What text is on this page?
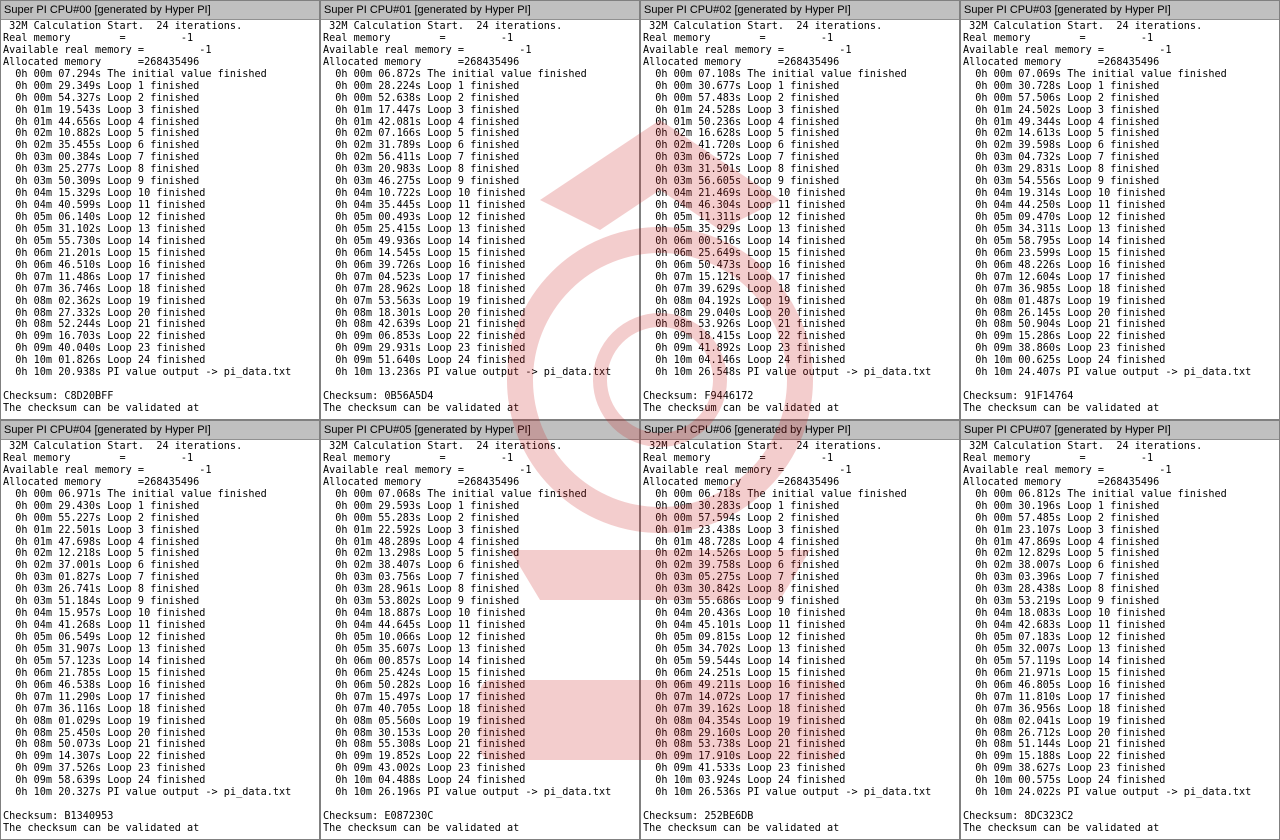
Super PI CPU#00 [generated by Hyper PI]
32M Calculation Start.  24 iterations.
Real memory        =         -1
Available real memory =         -1
Allocated memory      =268435496
0h 00m 07.294s The initial value finished
0h 00m 29.349s Loop 1 finished
0h 00m 54.327s Loop 2 finished
0h 01m 19.543s Loop 3 finished
0h 01m 44.656s Loop 4 finished
0h 02m 10.882s Loop 5 finished
0h 02m 35.455s Loop 6 finished
0h 03m 00.384s Loop 7 finished
0h 03m 25.277s Loop 8 finished
0h 03m 50.309s Loop 9 finished
0h 04m 15.329s Loop 10 finished
0h 04m 40.599s Loop 11 finished
0h 05m 06.140s Loop 12 finished
0h 05m 31.102s Loop 13 finished
0h 05m 55.730s Loop 14 finished
0h 06m 21.201s Loop 15 finished
0h 06m 46.510s Loop 16 finished
0h 07m 11.486s Loop 17 finished
0h 07m 36.746s Loop 18 finished
0h 08m 02.362s Loop 19 finished
0h 08m 27.332s Loop 20 finished
0h 08m 52.244s Loop 21 finished
0h 09m 16.703s Loop 22 finished
0h 09m 40.040s Loop 23 finished
0h 10m 01.826s Loop 24 finished
0h 10m 20.938s PI value output -> pi_data.txt
Checksum: C8D20BFF
The checksum can be validated at
Super PI CPU#01 [generated by Hyper PI]
32M Calculation Start.  24 iterations.
Real memory        =         -1
Available real memory =         -1
Allocated memory      =268435496
0h 00m 06.872s The initial value finished
0h 00m 28.224s Loop 1 finished
0h 00m 52.638s Loop 2 finished
0h 01m 17.447s Loop 3 finished
0h 01m 42.081s Loop 4 finished
0h 02m 07.166s Loop 5 finished
0h 02m 31.789s Loop 6 finished
0h 02m 56.411s Loop 7 finished
0h 03m 20.983s Loop 8 finished
0h 03m 46.275s Loop 9 finished
0h 04m 10.722s Loop 10 finished
0h 04m 35.445s Loop 11 finished
0h 05m 00.493s Loop 12 finished
0h 05m 25.415s Loop 13 finished
0h 05m 49.936s Loop 14 finished
0h 06m 14.545s Loop 15 finished
0h 06m 39.726s Loop 16 finished
0h 07m 04.523s Loop 17 finished
0h 07m 28.962s Loop 18 finished
0h 07m 53.563s Loop 19 finished
0h 08m 18.301s Loop 20 finished
0h 08m 42.639s Loop 21 finished
0h 09m 06.853s Loop 22 finished
0h 09m 29.931s Loop 23 finished
0h 09m 51.640s Loop 24 finished
0h 10m 13.236s PI value output -> pi_data.txt
Checksum: 0B56A5D4
The checksum can be validated at
Super PI CPU#02 [generated by Hyper PI]
32M Calculation Start.  24 iterations.
Real memory        =         -1
Available real memory =         -1
Allocated memory      =268435496
0h 00m 07.108s The initial value finished
0h 00m 30.677s Loop 1 finished
0h 00m 57.483s Loop 2 finished
0h 01m 24.528s Loop 3 finished
0h 01m 50.236s Loop 4 finished
0h 02m 16.628s Loop 5 finished
0h 02m 41.720s Loop 6 finished
0h 03m 06.572s Loop 7 finished
0h 03m 31.501s Loop 8 finished
0h 03m 56.605s Loop 9 finished
0h 04m 21.469s Loop 10 finished
0h 04m 46.304s Loop 11 finished
0h 05m 11.311s Loop 12 finished
0h 05m 35.929s Loop 13 finished
0h 06m 00.516s Loop 14 finished
0h 06m 25.649s Loop 15 finished
0h 06m 50.473s Loop 16 finished
0h 07m 15.121s Loop 17 finished
0h 07m 39.629s Loop 18 finished
0h 08m 04.192s Loop 19 finished
0h 08m 29.040s Loop 20 finished
0h 08m 53.926s Loop 21 finished
0h 09m 18.415s Loop 22 finished
0h 09m 41.892s Loop 23 finished
0h 10m 04.146s Loop 24 finished
0h 10m 26.548s PI value output -> pi_data.txt
Checksum: F9446172
The checksum can be validated at
Super PI CPU#03 [generated by Hyper PI]
32M Calculation Start.  24 iterations.
Real memory        =         -1
Available real memory =         -1
Allocated memory      =268435496
0h 00m 07.069s The initial value finished
0h 00m 30.728s Loop 1 finished
0h 00m 57.506s Loop 2 finished
0h 01m 24.502s Loop 3 finished
0h 01m 49.344s Loop 4 finished
0h 02m 14.613s Loop 5 finished
0h 02m 39.598s Loop 6 finished
0h 03m 04.732s Loop 7 finished
0h 03m 29.831s Loop 8 finished
0h 03m 54.556s Loop 9 finished
0h 04m 19.314s Loop 10 finished
0h 04m 44.250s Loop 11 finished
0h 05m 09.470s Loop 12 finished
0h 05m 34.311s Loop 13 finished
0h 05m 58.795s Loop 14 finished
0h 06m 23.599s Loop 15 finished
0h 06m 48.226s Loop 16 finished
0h 07m 12.604s Loop 17 finished
0h 07m 36.985s Loop 18 finished
0h 08m 01.487s Loop 19 finished
0h 08m 26.145s Loop 20 finished
0h 08m 50.904s Loop 21 finished
0h 09m 15.286s Loop 22 finished
0h 09m 38.860s Loop 23 finished
0h 10m 00.625s Loop 24 finished
0h 10m 24.407s PI value output -> pi_data.txt
Checksum: 91F14764
The checksum can be validated at
Super PI CPU#04 [generated by Hyper PI]
32M Calculation Start.  24 iterations.
Real memory        =         -1
Available real memory =         -1
Allocated memory      =268435496
0h 00m 06.971s The initial value finished
0h 00m 29.430s Loop 1 finished
0h 00m 55.227s Loop 2 finished
0h 01m 22.501s Loop 3 finished
0h 01m 47.698s Loop 4 finished
0h 02m 12.218s Loop 5 finished
0h 02m 37.001s Loop 6 finished
0h 03m 01.827s Loop 7 finished
0h 03m 26.741s Loop 8 finished
0h 03m 51.184s Loop 9 finished
0h 04m 15.957s Loop 10 finished
0h 04m 41.268s Loop 11 finished
0h 05m 06.549s Loop 12 finished
0h 05m 31.907s Loop 13 finished
0h 05m 57.123s Loop 14 finished
0h 06m 21.785s Loop 15 finished
0h 06m 46.538s Loop 16 finished
0h 07m 11.290s Loop 17 finished
0h 07m 36.116s Loop 18 finished
0h 08m 01.029s Loop 19 finished
0h 08m 25.450s Loop 20 finished
0h 08m 50.073s Loop 21 finished
0h 09m 14.307s Loop 22 finished
0h 09m 37.526s Loop 23 finished
0h 09m 58.639s Loop 24 finished
0h 10m 20.327s PI value output -> pi_data.txt
Checksum: B1340953
The checksum can be validated at
Super PI CPU#05 [generated by Hyper PI]
32M Calculation Start.  24 iterations.
Real memory        =         -1
Available real memory =         -1
Allocated memory      =268435496
0h 00m 07.068s The initial value finished
0h 00m 29.593s Loop 1 finished
0h 00m 55.283s Loop 2 finished
0h 01m 22.592s Loop 3 finished
0h 01m 48.289s Loop 4 finished
0h 02m 13.298s Loop 5 finished
0h 02m 38.407s Loop 6 finished
0h 03m 03.756s Loop 7 finished
0h 03m 28.961s Loop 8 finished
0h 03m 53.802s Loop 9 finished
0h 04m 18.887s Loop 10 finished
0h 04m 44.645s Loop 11 finished
0h 05m 10.066s Loop 12 finished
0h 05m 35.607s Loop 13 finished
0h 06m 00.857s Loop 14 finished
0h 06m 25.424s Loop 15 finished
0h 06m 50.282s Loop 16 finished
0h 07m 15.497s Loop 17 finished
0h 07m 40.705s Loop 18 finished
0h 08m 05.560s Loop 19 finished
0h 08m 30.153s Loop 20 finished
0h 08m 55.308s Loop 21 finished
0h 09m 19.852s Loop 22 finished
0h 09m 43.002s Loop 23 finished
0h 10m 04.488s Loop 24 finished
0h 10m 26.196s PI value output -> pi_data.txt
Checksum: E087230C
The checksum can be validated at
Super PI CPU#06 [generated by Hyper PI]
32M Calculation Start.  24 iterations.
Real memory        =         -1
Available real memory =         -1
Allocated memory      =268435496
0h 00m 06.718s The initial value finished
0h 00m 30.283s Loop 1 finished
0h 00m 57.594s Loop 2 finished
0h 01m 23.438s Loop 3 finished
0h 01m 48.728s Loop 4 finished
0h 02m 14.526s Loop 5 finished
0h 02m 39.758s Loop 6 finished
0h 03m 05.275s Loop 7 finished
0h 03m 30.842s Loop 8 finished
0h 03m 55.686s Loop 9 finished
0h 04m 20.436s Loop 10 finished
0h 04m 45.101s Loop 11 finished
0h 05m 09.815s Loop 12 finished
0h 05m 34.702s Loop 13 finished
0h 05m 59.544s Loop 14 finished
0h 06m 24.251s Loop 15 finished
0h 06m 49.211s Loop 16 finished
0h 07m 14.072s Loop 17 finished
0h 07m 39.162s Loop 18 finished
0h 08m 04.354s Loop 19 finished
0h 08m 29.160s Loop 20 finished
0h 08m 53.738s Loop 21 finished
0h 09m 17.910s Loop 22 finished
0h 09m 41.533s Loop 23 finished
0h 10m 03.924s Loop 24 finished
0h 10m 26.536s PI value output -> pi_data.txt
Checksum: 252BE6DB
The checksum can be validated at
Super PI CPU#07 [generated by Hyper PI]
32M Calculation Start.  24 iterations.
Real memory        =         -1
Available real memory =         -1
Allocated memory      =268435496
0h 00m 06.812s The initial value finished
0h 00m 30.196s Loop 1 finished
0h 00m 57.485s Loop 2 finished
0h 01m 23.107s Loop 3 finished
0h 01m 47.869s Loop 4 finished
0h 02m 12.829s Loop 5 finished
0h 02m 38.007s Loop 6 finished
0h 03m 03.396s Loop 7 finished
0h 03m 28.438s Loop 8 finished
0h 03m 53.219s Loop 9 finished
0h 04m 18.083s Loop 10 finished
0h 04m 42.683s Loop 11 finished
0h 05m 07.183s Loop 12 finished
0h 05m 32.007s Loop 13 finished
0h 05m 57.119s Loop 14 finished
0h 06m 21.971s Loop 15 finished
0h 06m 46.805s Loop 16 finished
0h 07m 11.810s Loop 17 finished
0h 07m 36.956s Loop 18 finished
0h 08m 02.041s Loop 19 finished
0h 08m 26.712s Loop 20 finished
0h 08m 51.144s Loop 21 finished
0h 09m 15.188s Loop 22 finished
0h 09m 38.627s Loop 23 finished
0h 10m 00.575s Loop 24 finished
0h 10m 24.022s PI value output -> pi_data.txt
Checksum: 8DC323C2
The checksum can be validated at
